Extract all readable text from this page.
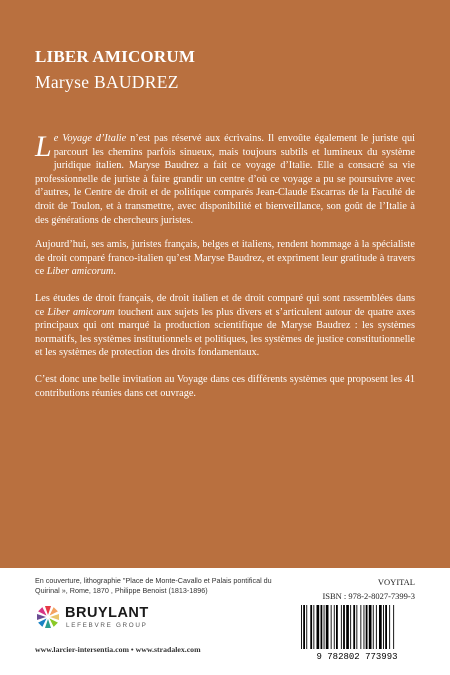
LIBER AMICORUM
Maryse BAUDREZ

Le Voyage d’Italie n’est pas réservé aux écrivains. Il envoûte également le juriste qui parcourt les chemins parfois sinueux, mais toujours subtils et lumineux du système juridique italien. Maryse Baudrez a fait ce voyage d’Italie. Elle a consacré sa vie professionnelle de juriste à faire grandir un centre d’où ce voyage a pu se poursuivre avec d’autres, le Centre de droit et de politique comparés Jean-Claude Escarras de la Faculté de droit de Toulon, et à transmettre, avec disponibilité et bienveillance, son goût de l’Italie à des générations de chercheurs juristes.

Aujourd’hui, ses amis, juristes français, belges et italiens, rendent hommage à la spécialiste de droit comparé franco-italien qu’est Maryse Baudrez, et expriment leur gratitude à travers ce Liber amicorum.

Les études de droit français, de droit italien et de droit comparé qui sont rassemblées dans ce Liber amicorum touchent aux sujets les plus divers et s’articulent autour de quatre axes principaux qui ont marqué la production scientifique de Maryse Baudrez : les systèmes normatifs, les systèmes institutionnels et politiques, les systèmes de justice constitutionnelle et les systèmes de protection des droits fondamentaux.

C’est donc une belle invitation au Voyage dans ces différents systèmes que proposent les 41 contributions réunies dans cet ouvrage.

En couverture, lithographie "Place de Monte-Cavallo et Palais pontifical du Quirinal », Rome, 1870 , Philippe Benoist (1813-1896)
BRUYLANT
LEFEBVRE GROUP
www.larcier-intersentia.com • www.stradalex.com
VOYITAL
ISBN : 978-2-8027-7399-3
9 782802 773993
